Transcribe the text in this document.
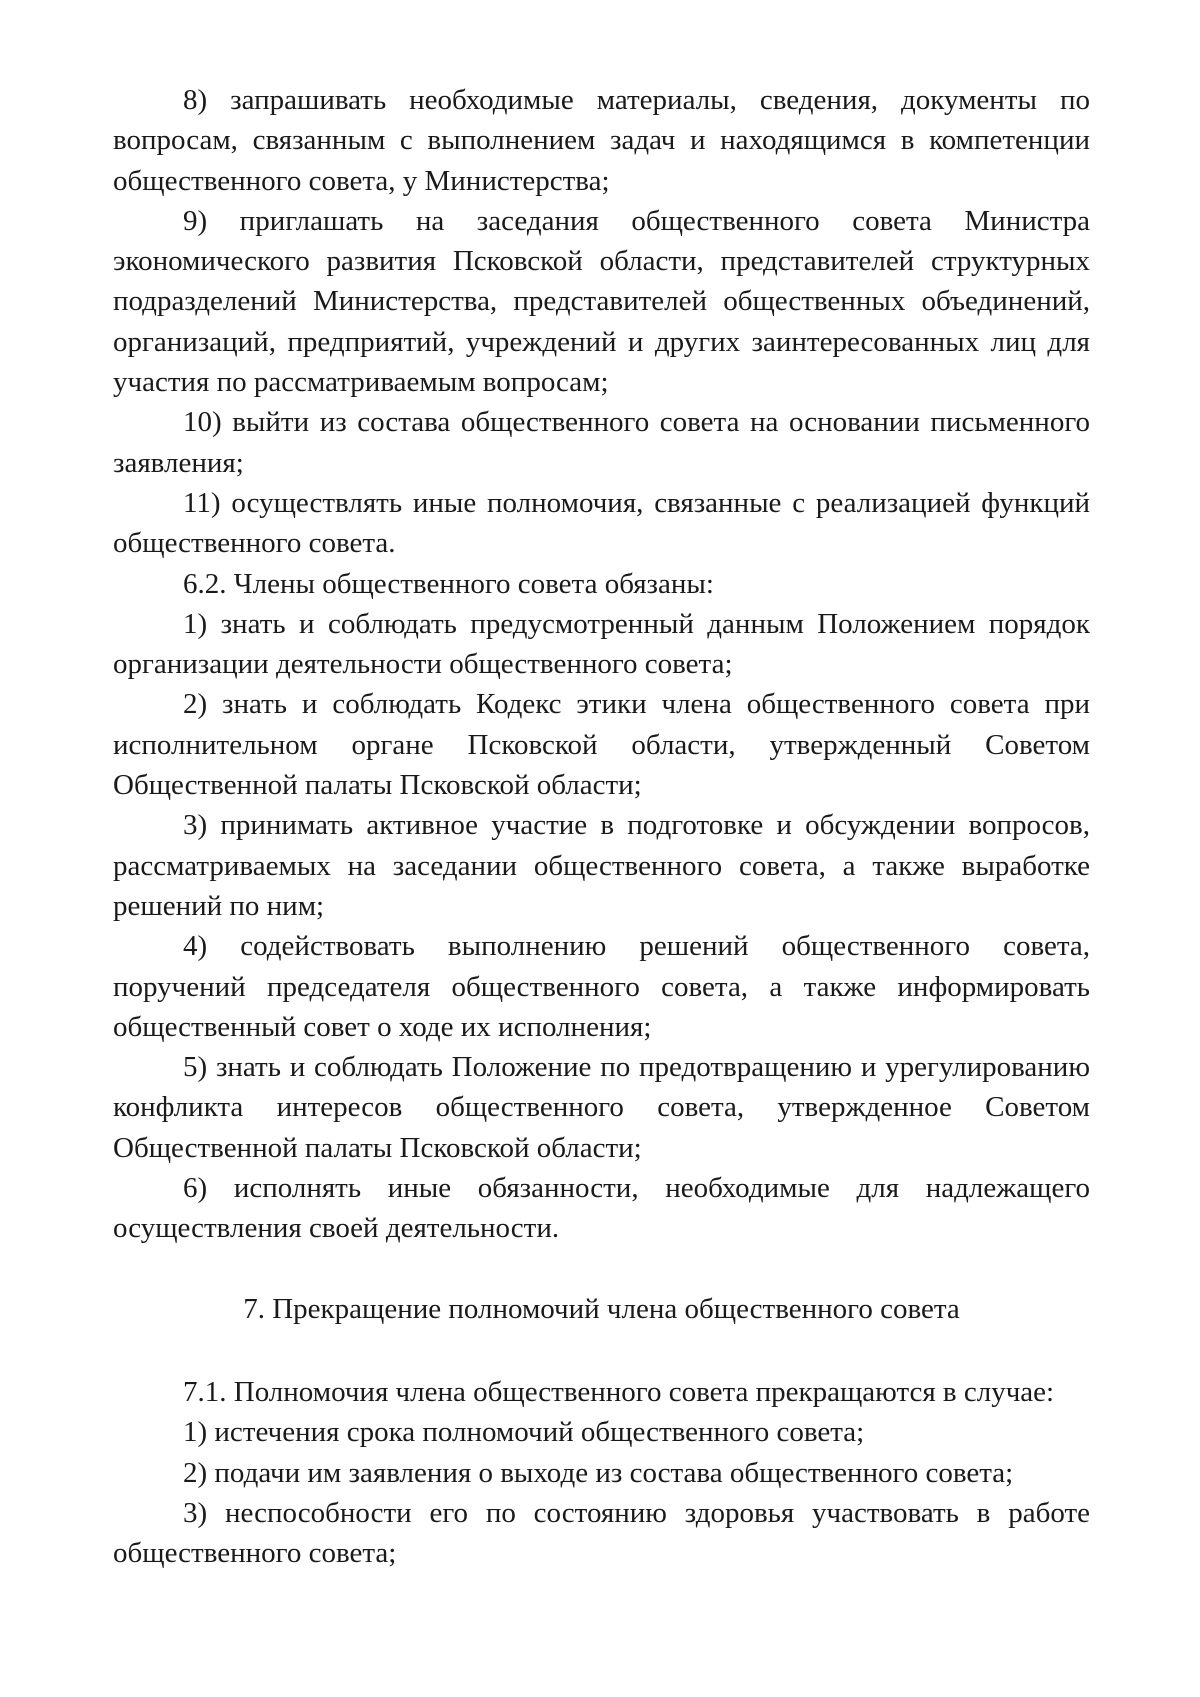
8) запрашивать необходимые материалы, сведения, документы по вопросам, связанным с выполнением задач и находящимся в компетенции общественного совета, у Министерства;

9) приглашать на заседания общественного совета Министра экономического развития Псковской области, представителей структурных подразделений Министерства, представителей общественных объединений, организаций, предприятий, учреждений и других заинтересованных лиц для участия по рассматриваемым вопросам;

10) выйти из состава общественного совета на основании письменного заявления;

11) осуществлять иные полномочия, связанные с реализацией функций общественного совета.

6.2. Члены общественного совета обязаны:

1) знать и соблюдать предусмотренный данным Положением порядок организации деятельности общественного совета;

2) знать и соблюдать Кодекс этики члена общественного совета при исполнительном органе Псковской области, утвержденный Советом Общественной палаты Псковской области;

3) принимать активное участие в подготовке и обсуждении вопросов, рассматриваемых на заседании общественного совета, а также выработке решений по ним;

4) содействовать выполнению решений общественного совета, поручений председателя общественного совета, а также информировать общественный совет о ходе их исполнения;

5) знать и соблюдать Положение по предотвращению и урегулированию конфликта интересов общественного совета, утвержденное Советом Общественной палаты Псковской области;

6) исполнять иные обязанности, необходимые для надлежащего осуществления своей деятельности.

7. Прекращение полномочий члена общественного совета

7.1. Полномочия члена общественного совета прекращаются в случае:

1) истечения срока полномочий общественного совета;

2) подачи им заявления о выходе из состава общественного совета;

3) неспособности его по состоянию здоровья участвовать в работе общественного совета;
